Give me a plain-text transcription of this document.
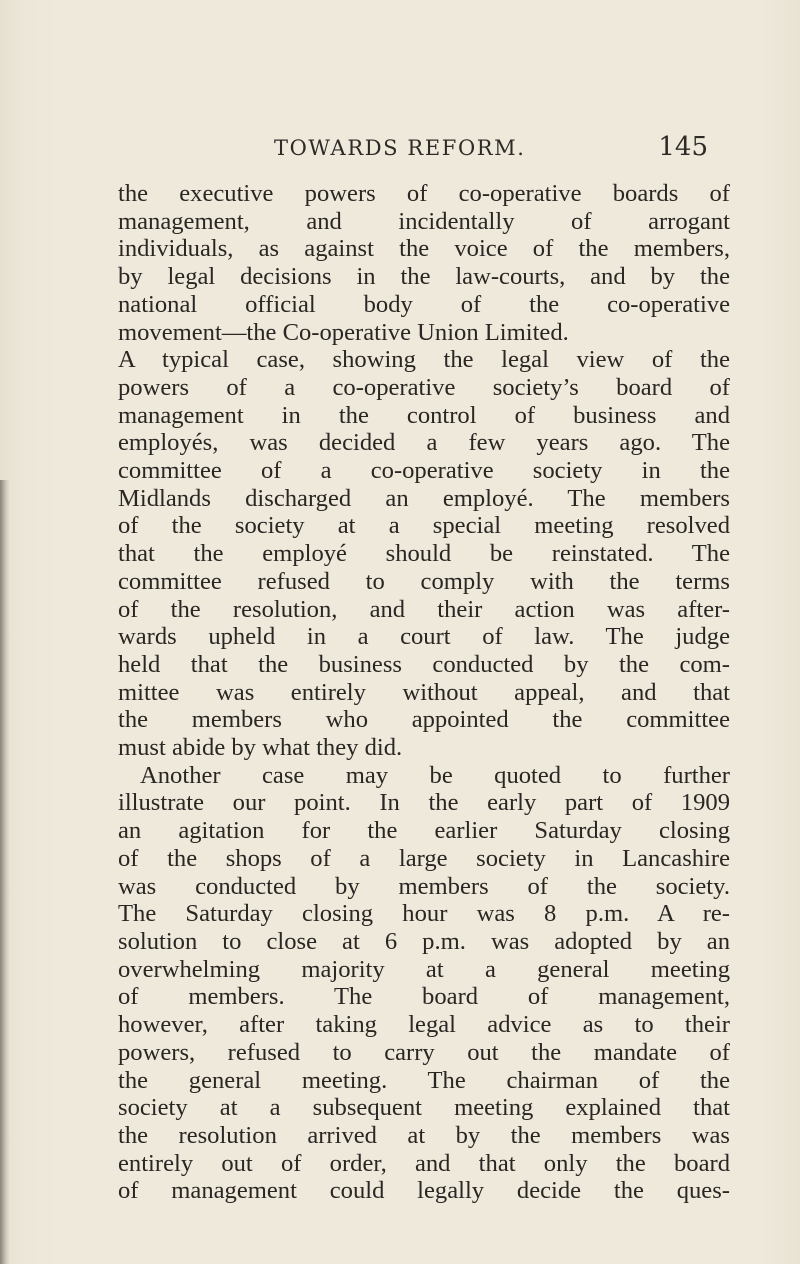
TOWARDS REFORM.	145
the executive powers of co-operative boards of
management, and incidentally of arrogant
individuals, as against the voice of the members,
by legal decisions in the law-courts, and by the
national official body of the co-operative
movement—the Co-operative Union Limited.
A typical case, showing the legal view of the
powers of a co-operative society’s board of
management in the control of business and
employés, was decided a few years ago. The
committee of a co-operative society in the
Midlands discharged an employé. The members
of the society at a special meeting resolved
that the employé should be reinstated. The
committee refused to comply with the terms
of the resolution, and their action was after-
wards upheld in a court of law. The judge
held that the business conducted by the com-
mittee was entirely without appeal, and that
the members who appointed the committee
must abide by what they did.
Another case may be quoted to further
illustrate our point. In the early part of 1909
an agitation for the earlier Saturday closing
of the shops of a large society in Lancashire
was conducted by members of the society.
The Saturday closing hour was 8 p.m. A re-
solution to close at 6 p.m. was adopted by an
overwhelming majority at a general meeting
of members. The board of management,
however, after taking legal advice as to their
powers, refused to carry out the mandate of
the general meeting. The chairman of the
society at a subsequent meeting explained that
the resolution arrived at by the members was
entirely out of order, and that only the board
of management could legally decide the ques-
